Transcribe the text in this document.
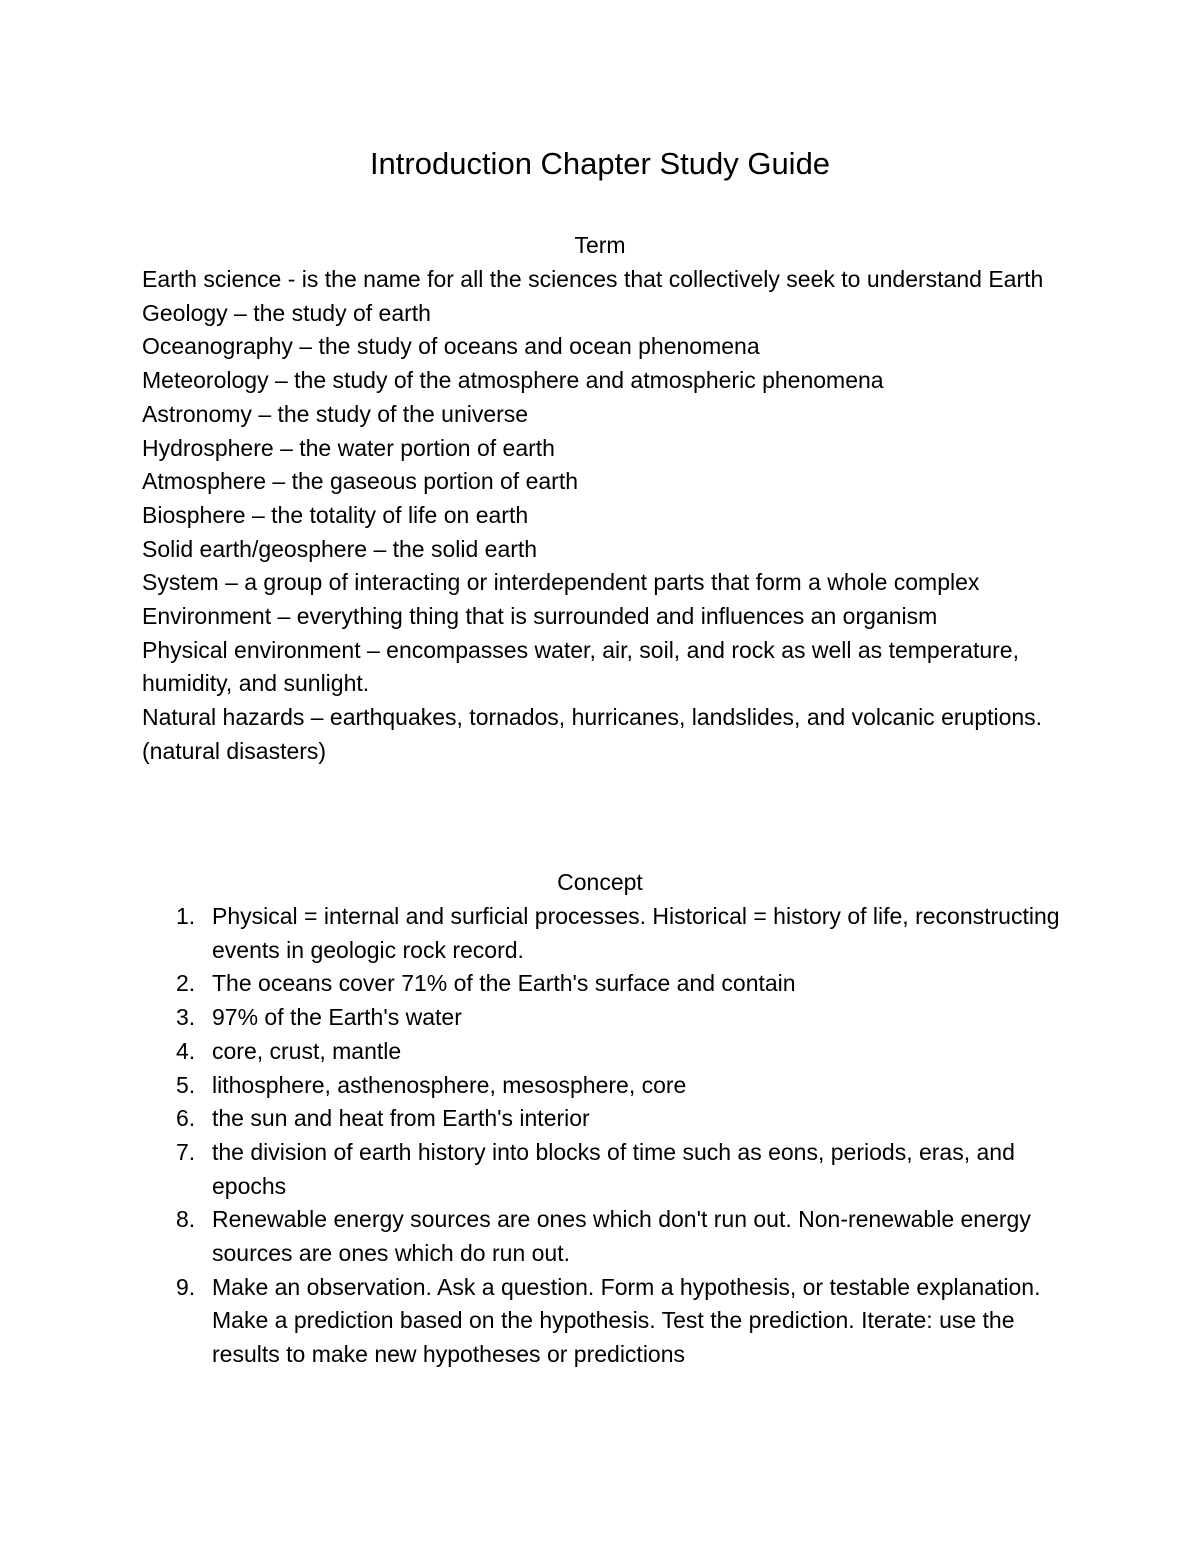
Introduction Chapter Study Guide
Term
Earth science - is the name for all the sciences that collectively seek to understand Earth
Geology – the study of earth
Oceanography – the study of oceans and ocean phenomena
Meteorology – the study of the atmosphere and atmospheric phenomena
Astronomy – the study of the universe
Hydrosphere – the water portion of earth
Atmosphere – the gaseous portion of earth
Biosphere – the totality of life on earth
Solid earth/geosphere – the solid earth
System – a group of interacting or interdependent parts that form a whole complex
Environment – everything thing that is surrounded and influences an organism
Physical environment – encompasses water, air, soil, and rock as well as temperature, humidity, and sunlight.
Natural hazards – earthquakes, tornados, hurricanes, landslides, and volcanic eruptions. (natural disasters)
Concept
1. Physical = internal and surficial processes. Historical = history of life, reconstructing events in geologic rock record.
2. The oceans cover 71% of the Earth's surface and contain
3. 97% of the Earth's water
4. core, crust, mantle
5. lithosphere, asthenosphere, mesosphere, core
6. the sun and heat from Earth's interior
7. the division of earth history into blocks of time such as eons, periods, eras, and epochs
8. Renewable energy sources are ones which don't run out. Non-renewable energy sources are ones which do run out.
9. Make an observation. Ask a question. Form a hypothesis, or testable explanation. Make a prediction based on the hypothesis. Test the prediction. Iterate: use the results to make new hypotheses or predictions
